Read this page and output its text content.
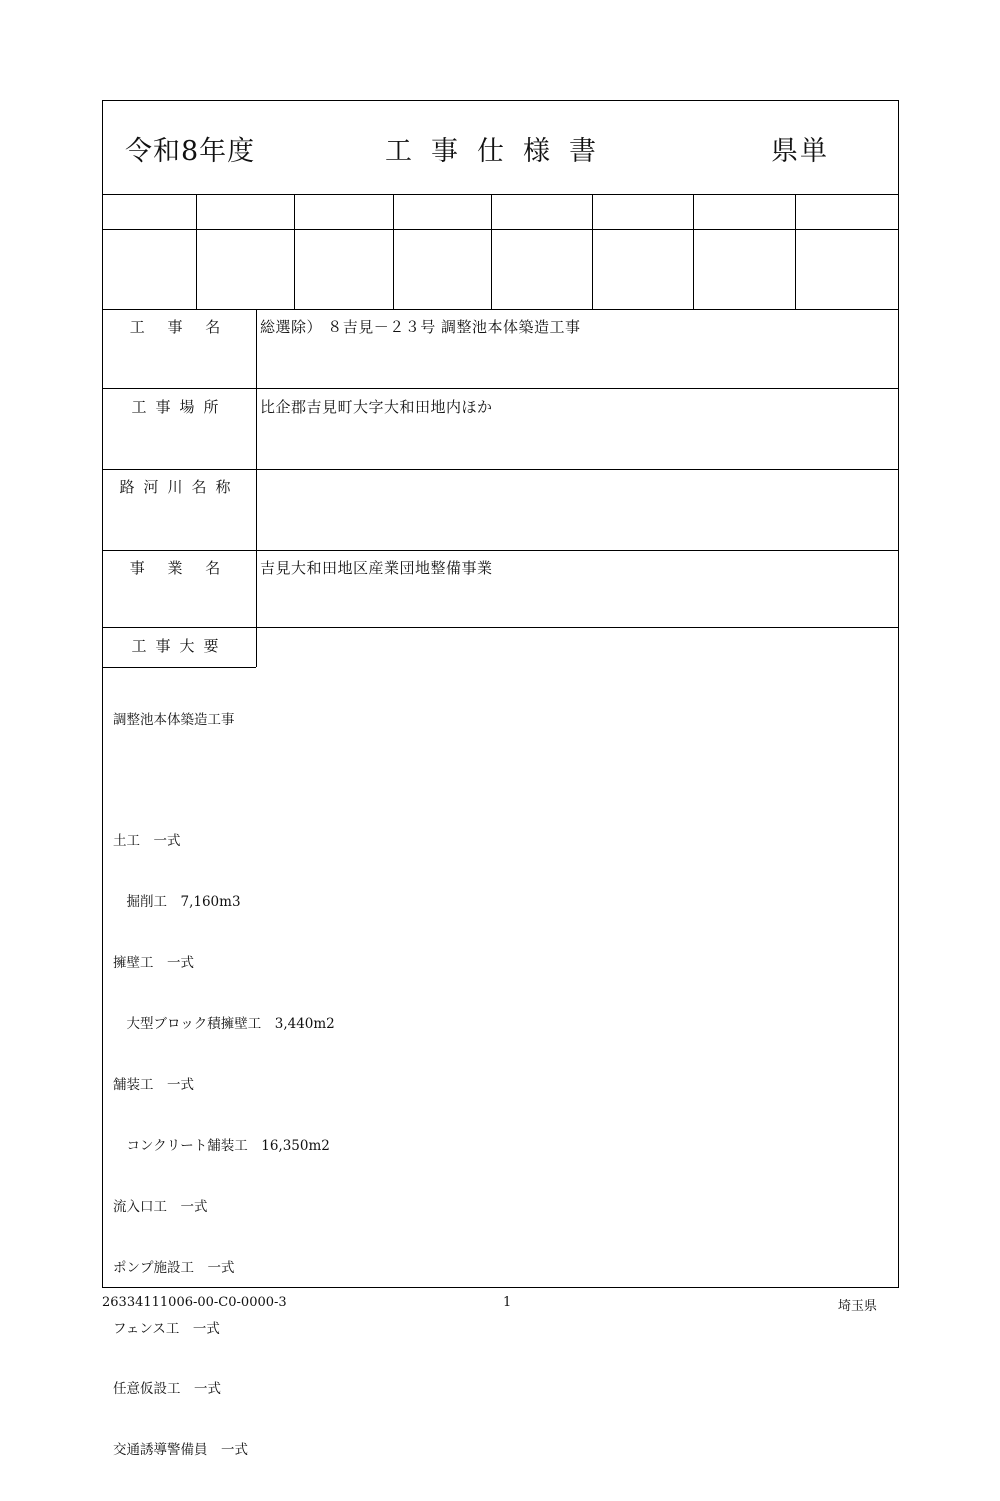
令和8年度	工事仕様書	県単
工 事 名	総選除） ８吉見－２３号 調整池本体築造工事
工事場所	比企郡吉見町大字大和田地内ほか
路河川名称
事 業 名	吉見大和田地区産業団地整備事業
工事大要

調整池本体築造工事

土工　一式

　掘削工　7,160m3

擁壁工　一式

　大型ブロック積擁壁工　3,440m2

舗装工　一式

　コンクリート舗装工　16,350m2

流入口工　一式

ポンプ施設工　一式

フェンス工　一式

任意仮設工　一式

交通誘導警備員　一式

26334111006-00-C0-0000-3	1	埼玉県
